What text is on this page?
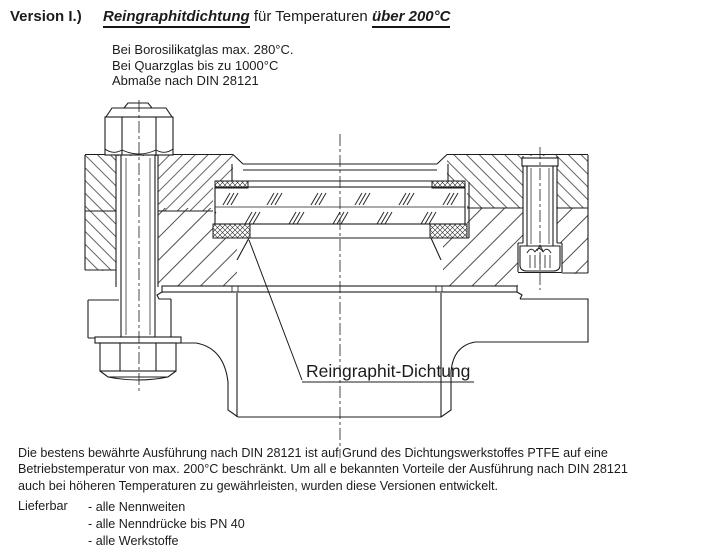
Version I.) Reingraphitdichtung für Temperaturen über 200°C
Bei Borosilikatglas max. 280°C.
Bei Quarzglas bis zu 1000°C
Abmaße nach DIN 28121
Reingraphit-Dichtung
Die bestens bewährte Ausführung nach DIN 28121 ist auf Grund des Dichtungswerkstoffes PTFE auf eine
Betriebstemperatur von max. 200°C beschränkt. Um all e bekannten Vorteile der Ausführung nach DIN 28121
auch bei höheren Temperaturen zu gewährleisten, wurden diese Versionen entwickelt.
Lieferbar - alle Nennweiten
- alle Nenndrücke bis PN 40
- alle Werkstoffe
